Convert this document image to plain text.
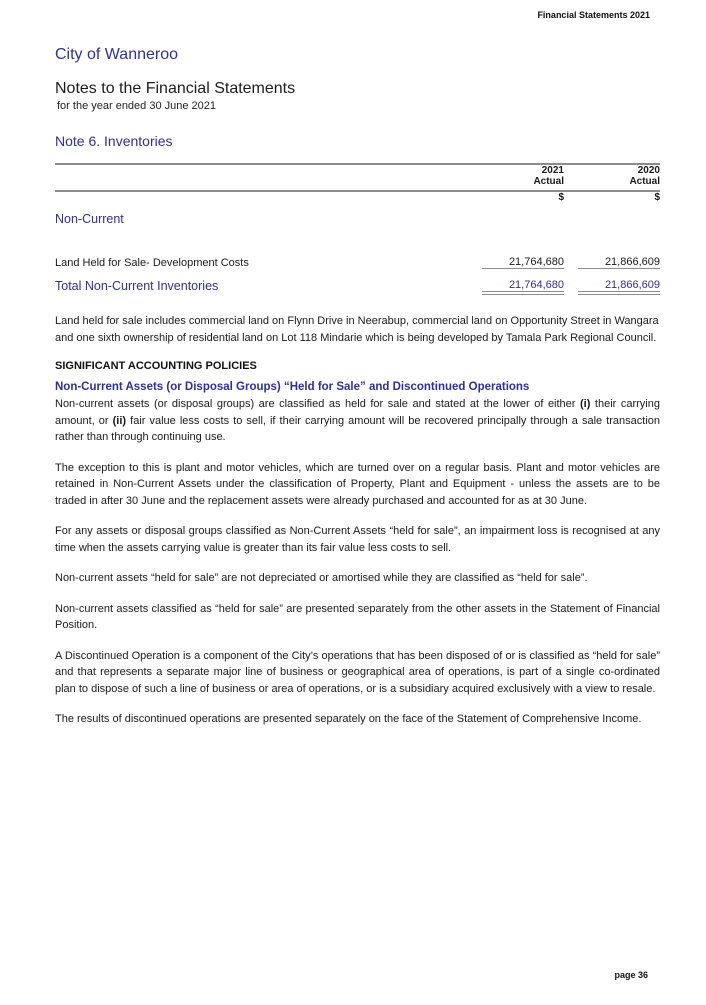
Financial Statements 2021
City of Wanneroo
Notes to the Financial Statements
for the year ended 30 June 2021
Note 6. Inventories
	2021		2020
	Actual		Actual
	$		$
Non-Current			

Land Held for Sale- Development Costs	21,764,680		21,866,609
Total Non-Current Inventories	21,764,680		21,866,609

Land held for sale includes commercial land on Flynn Drive in Neerabup, commercial land on Opportunity Street in Wangara and one sixth ownership of residential land on Lot 118 Mindarie which is being developed by Tamala Park Regional Council.

SIGNIFICANT ACCOUNTING POLICIES
Non-Current Assets (or Disposal Groups) “Held for Sale” and Discontinued Operations

Non-current assets (or disposal groups) are classified as held for sale and stated at the lower of either (i) their carrying amount, or (ii) fair value less costs to sell, if their carrying amount will be recovered principally through a sale transaction rather than through continuing use.

The exception to this is plant and motor vehicles, which are turned over on a regular basis. Plant and motor vehicles are retained in Non-Current Assets under the classification of Property, Plant and Equipment - unless the assets are to be traded in after 30 June and the replacement assets were already purchased and accounted for as at 30 June.

For any assets or disposal groups classified as Non-Current Assets “held for sale”, an impairment loss is recognised at any time when the assets carrying value is greater than its fair value less costs to sell.

Non-current assets “held for sale” are not depreciated or amortised while they are classified as “held for sale”.

Non-current assets classified as “held for sale” are presented separately from the other assets in the Statement of Financial Position.

A Discontinued Operation is a component of the City’s operations that has been disposed of or is classified as “held for sale” and that represents a separate major line of business or geographical area of operations, is part of a single co-ordinated plan to dispose of such a line of business or area of operations, or is a subsidiary acquired exclusively with a view to resale.

The results of discontinued operations are presented separately on the face of the Statement of Comprehensive Income.

page 36
